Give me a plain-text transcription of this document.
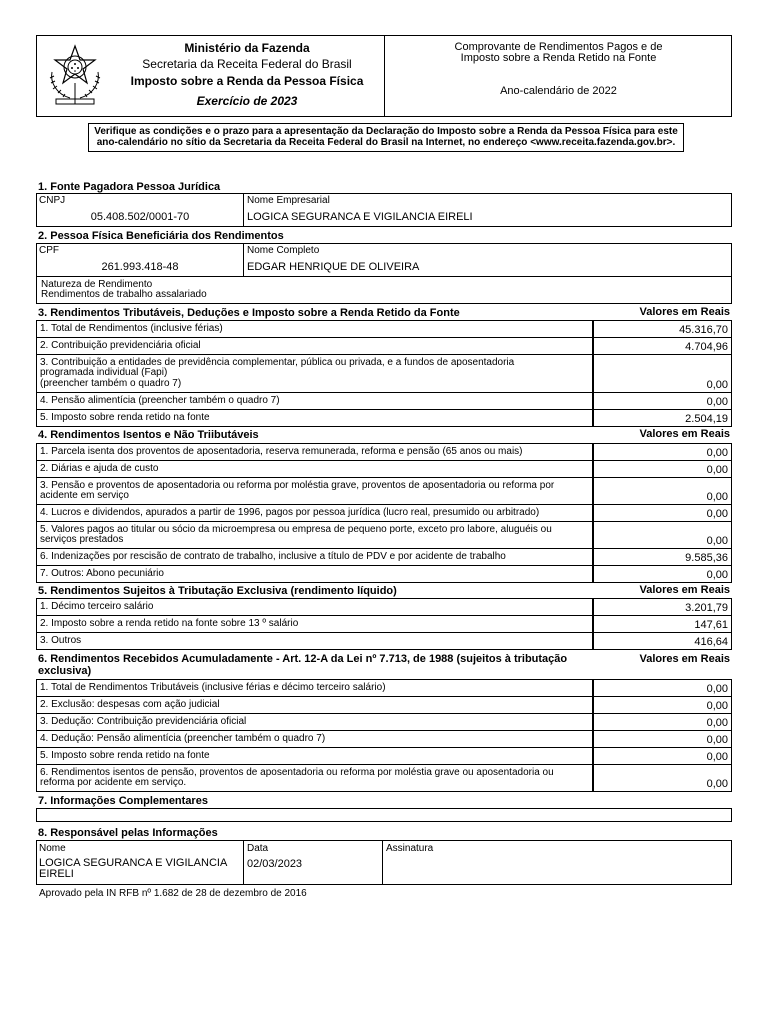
Ministério da Fazenda
Secretaria da Receita Federal do Brasil
Imposto sobre a Renda da Pessoa Física
Exercício de 2023
Comprovante de Rendimentos Pagos e de
Imposto sobre a Renda Retido na Fonte
Ano-calendário de 2022
Verifique as condições e o prazo para a apresentação da Declaração do Imposto sobre a Renda da Pessoa Física para este
ano-calendário no sítio da Secretaria da Receita Federal do Brasil na Internet, no endereço <www.receita.fazenda.gov.br>.
1. Fonte Pagadora Pessoa Jurídica
CNPJ
05.408.502/0001-70
Nome Empresarial
LOGICA SEGURANCA E VIGILANCIA EIRELI
2. Pessoa Física Beneficiária dos Rendimentos
CPF
261.993.418-48
Nome Completo
EDGAR HENRIQUE DE OLIVEIRA
Natureza de Rendimento
Rendimentos de trabalho assalariado
3. Rendimentos Tributáveis, Deduções e Imposto sobre a Renda Retido da Fonte	Valores em Reais
1. Total de Rendimentos (inclusive férias)	45.316,70
2. Contribuição previdenciária oficial	4.704,96
3. Contribuição a entidades de previdência complementar, pública ou privada, e a fundos de aposentadoria
programada individual (Fapi)
(preencher também o quadro 7)	0,00
4. Pensão alimentícia (preencher também o quadro 7)	0,00
5. Imposto sobre renda retido na fonte	2.504,19
4. Rendimentos Isentos e Não Triibutáveis	Valores em Reais
1. Parcela isenta dos proventos de aposentadoria, reserva remunerada, reforma e pensão (65 anos ou mais)	0,00
2. Diárias e ajuda de custo	0,00
3. Pensão e proventos de aposentadoria ou reforma por moléstia grave, proventos de aposentadoria ou reforma por
acidente em serviço	0,00
4. Lucros e dividendos, apurados a partir de 1996, pagos por pessoa jurídica (lucro real, presumido ou arbitrado)	0,00
5. Valores pagos ao titular ou sócio da microempresa ou empresa de pequeno porte, exceto pro labore, aluguéis ou
serviços prestados	0,00
6. Indenizações por rescisão de contrato de trabalho, inclusive a título de PDV e por acidente de trabalho	9.585,36
7. Outros: Abono pecuniário	0,00
5. Rendimentos Sujeitos à Tributação Exclusiva (rendimento líquido)	Valores em Reais
1. Décimo terceiro salário	3.201,79
2. Imposto sobre a renda retido na fonte sobre 13 º salário	147,61
3. Outros	416,64
6. Rendimentos Recebidos Acumuladamente - Art. 12-A da Lei nº 7.713, de 1988 (sujeitos à tributação
exclusiva)
Valores em Reais
1. Total de Rendimentos Tributáveis (inclusive férias e décimo terceiro salário)	0,00
2. Exclusão: despesas com ação judicial	0,00
3. Dedução: Contribuição previdenciária oficial	0,00
4. Dedução: Pensão alimentícia (preencher também o quadro 7)	0,00
5. Imposto sobre renda retido na fonte	0,00
6. Rendimentos isentos de pensão, proventos de aposentadoria ou reforma por moléstia grave ou aposentadoria ou
reforma por acidente em serviço.	0,00
7. Informações Complementares
8. Responsável pelas Informações
Nome
LOGICA SEGURANCA E VIGILANCIA
EIRELI
Data
02/03/2023
Assinatura
Aprovado pela IN RFB nº 1.682 de 28 de dezembro de 2016
